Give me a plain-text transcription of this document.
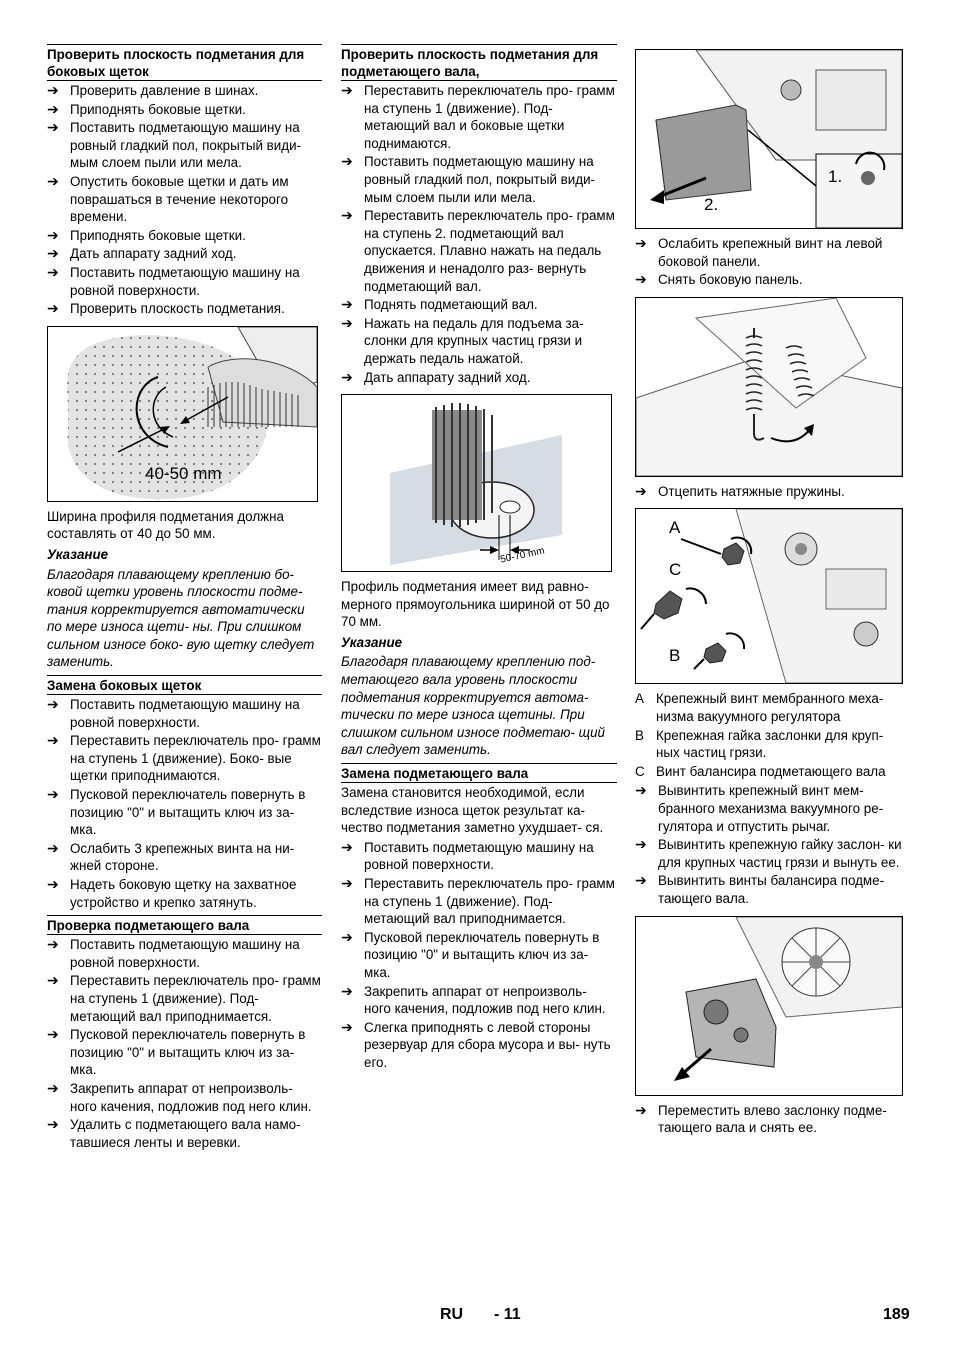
Проверить плоскость подметания для боковых щеток
➔ Проверить давление в шинах.
➔ Приподнять боковые щетки.
➔ Поставить подметающую машину на ровный гладкий пол, покрытый види- мым слоем пыли или мела.
➔ Опустить боковые щетки и дать им поврашаться в течение некоторого времени.
➔ Приподнять боковые щетки.
➔ Дать аппарату задний ход.
➔ Поставить подметающую машину на ровной поверхности.
➔ Проверить плоскость подметания.
40-50 mm

Ширина профиля подметания должна составлять от 40 до 50 мм.

Указание

Благодаря плавающему креплению бо- ковой щетки уровень плоскости подме- тания корректируется автоматически по мере износа щети- ны. При слишком сильном износе боко- вую щетку следует заменить.

Замена боковых щеток
➔ Поставить подметающую машину на ровной поверхности.
➔ Переставить переключатель про- грамм на ступень 1 (движение). Боко- вые щетки приподнимаются.
➔ Пусковой переключатель повернуть в позицию "0" и вытащить ключ из за- мка.
➔ Ослабить 3 крепежных винта на ни- жней стороне.
➔ Надеть боковую щетку на захватное устройство и крепко затянуть.
Проверка подметающего вала
➔ Поставить подметающую машину на ровной поверхности.
➔ Переставить переключатель про- грамм на ступень 1 (движение). Под- метающий вал приподнимается.
➔ Пусковой переключатель повернуть в позицию "0" и вытащить ключ из за- мка.
➔ Закрепить аппарат от непроизволь- ного качения, подложив под него клин.
➔ Удалить с подметающего вала намо- тавшиеся ленты и веревки.
Проверить плоскость подметания для подметающего вала,
➔ Переставить переключатель про- грамм на ступень 1 (движение). Под- метающий вал и боковые щетки поднимаются.
➔ Поставить подметающую машину на ровный гладкий пол, покрытый види- мым слоем пыли или мела.
➔ Переставить переключатель про- грамм на ступень 2. подметающий вал опускается. Плавно нажать на педаль движения и ненадолго раз- вернуть подметающий вал.
➔ Поднять подметающий вал.
➔ Нажать на педаль для подъема за- слонки для крупных частиц грязи и держать педаль нажатой.
➔ Дать аппарату задний ход.
50-70 mm

Профиль подметания имеет вид равно- мерного прямоугольника шириной от 50 до 70 мм.

Указание

Благодаря плавающему креплению под- метающего вала уровень плоскости подметания корректируется автома- тически по мере износа щетины. При слишком сильном износе подметаю- щий вал следует заменить.

Замена подметающего вала

Замена становится необходимой, если вследствие износа щеток результат ка- чество подметания заметно ухудшает- ся.

➔ Поставить подметающую машину на ровной поверхности.
➔ Переставить переключатель про- грамм на ступень 1 (движение). Под- метающий вал приподнимается.
➔ Пусковой переключатель повернуть в позицию "0" и вытащить ключ из за- мка.
➔ Закрепить аппарат от непроизволь- ного качения, подложив под него клин.
➔ Слегка приподнять с левой стороны резервуар для сбора мусора и вы- нуть его.
1.
2.
➔ Ослабить крепежный винт на левой боковой панели.
➔ Снять боковую панель.
➔ Отцепить натяжные пружины.
A
C
B
A Крепежный винт мембранного меха- низма вакуумного регулятора
B Крепежная гайка заслонки для круп- ных частиц грязи.
C Винт балансира подметающего вала
➔ Вывинтить крепежный винт мем- бранного механизма вакуумного ре- гулятора и отпустить рычаг.
➔ Вывинтить крепежную гайку заслон- ки для крупных частиц грязи и вынуть ее.
➔ Вывинтить винты балансира подме- тающего вала.
➔ Переместить влево заслонку подме- тающего вала и снять ее.
RU - 11	189
